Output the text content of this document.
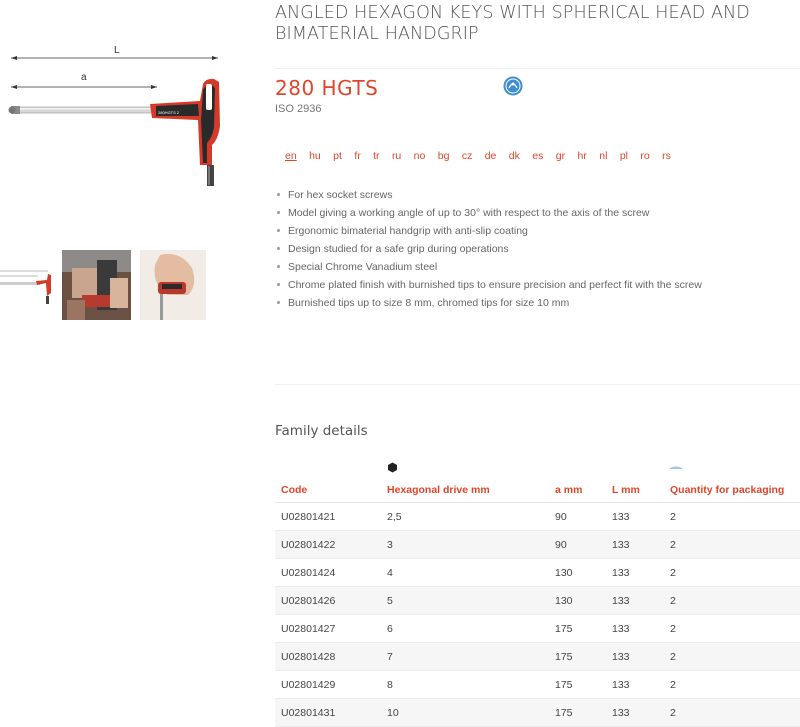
L
a
280HGTS 2
ANGLED HEXAGON KEYS WITH SPHERICAL HEAD AND BIMATERIAL HANDGRIP
280 HGTS
ISO 2936
en hu pt fr tr ru no bg cz de dk es gr hr nl pl ro rs
For hex socket screws
Model giving a working angle of up to 30° with respect to the axis of the screw
Ergonomic bimaterial handgrip with anti-slip coating
Design studied for a safe grip during operations
Special Chrome Vanadium steel
Chrome plated finish with burnished tips to ensure precision and perfect fit with the screw
Burnished tips up to size 8 mm, chromed tips for size 10 mm
Family details
Code	Hexagonal drive mm	a mm	L mm	Quantity for packaging
U02801421	2,5	90	133	2
U02801422	3	90	133	2
U02801424	4	130	133	2
U02801426	5	130	133	2
U02801427	6	175	133	2
U02801428	7	175	133	2
U02801429	8	175	133	2
U02801431	10	175	133	2
